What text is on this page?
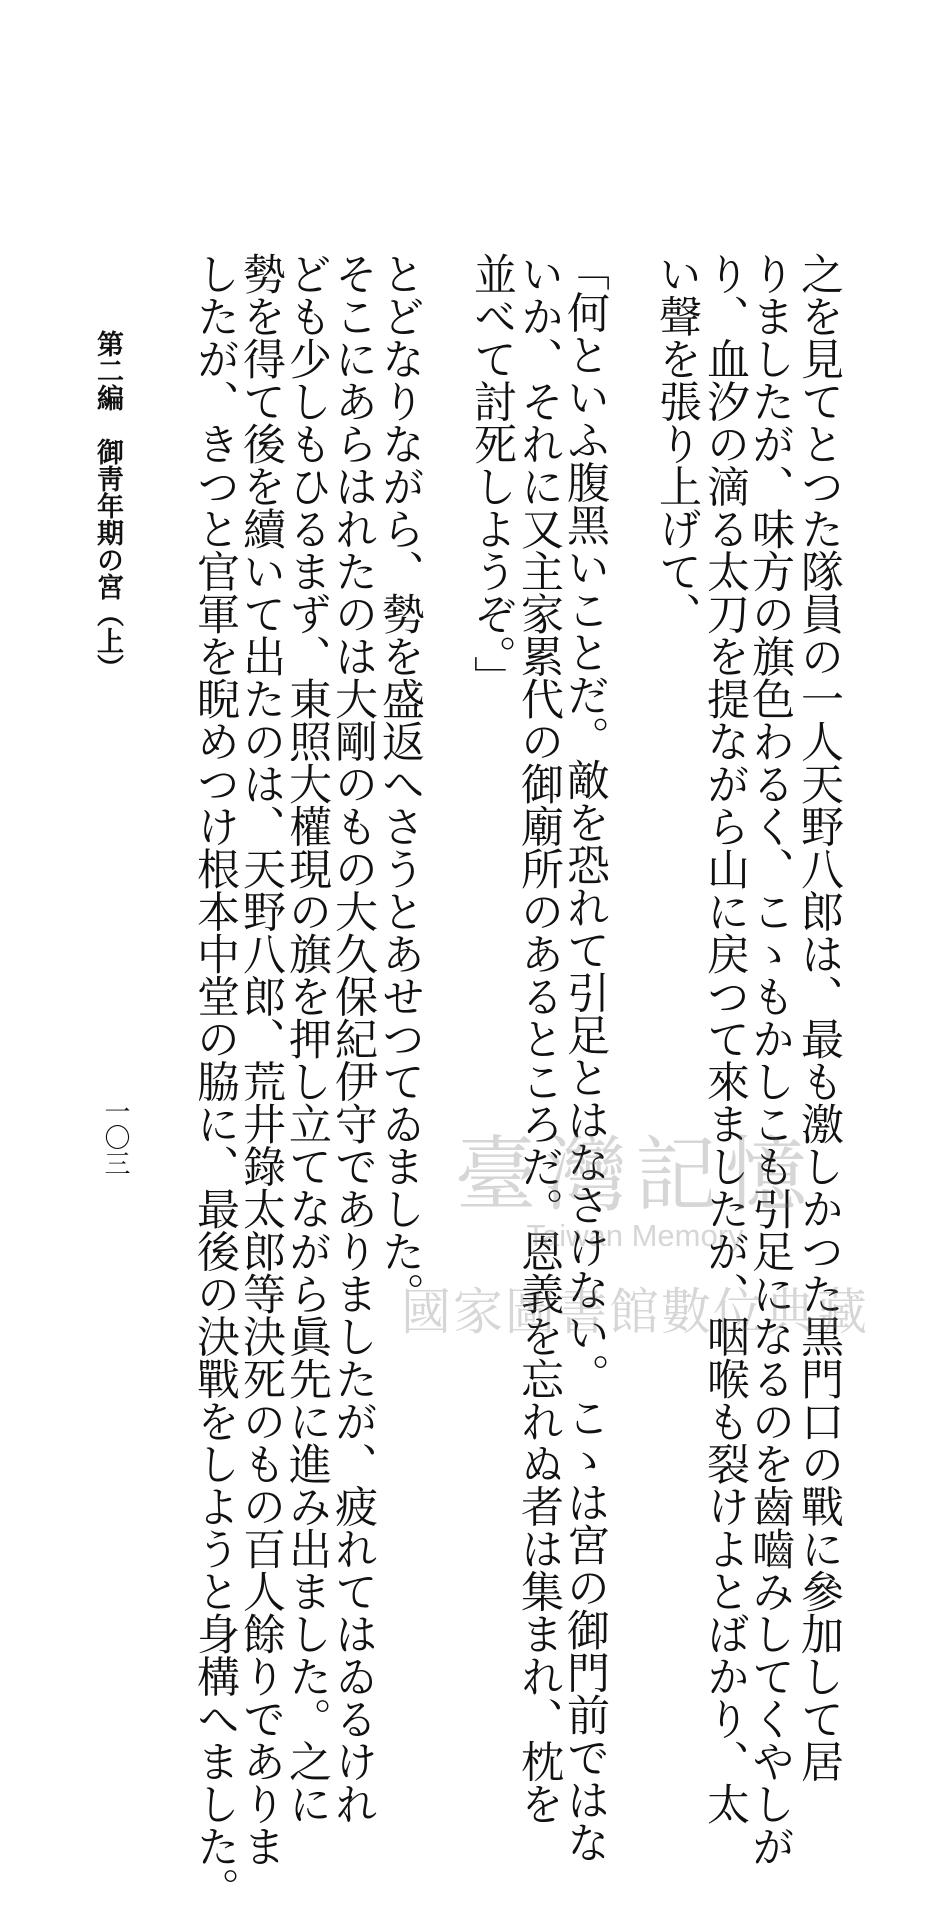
之を見てとつた隊員の一人天野八郎は、最も激しかつた黒門口の戰に參加して居
りましたが、味方の旗色わるく、こゝもかしこも引足になるのを齒嚙みしてくやしが
り、血汐の滴る太刀を提ながら山に戻つて來ましたが、咽喉も裂けよとばかり、太
い聲を張り上げて、
「何といふ腹黑いことだ。敵を恐れて引足とはなさけない。こゝは宮の御門前ではな
いか、それに又主家累代の御廟所のあるところだ。恩義を忘れぬ者は集まれ、枕を
並べて討死しようぞ。」
とどなりながら、勢を盛返へさうとあせつてゐました。
そこにあらはれたのは大剛のもの大久保紀伊守でありましたが、疲れてはゐるけれ
ども少しもひるまず、東照大權現の旗を押し立てながら眞先に進み出ました。之に
勢を得て後を續いて出たのは、天野八郎、荒井錄太郎等決死のもの百人餘りでありま
したが、きつと官軍を睨めつけ根本中堂の脇に、最後の決戰をしようと身構へました。
第二編　御靑年期の宮（上）
一〇三	臺灣記憶
Taiwan Memory
國家圖書館數位典藏
